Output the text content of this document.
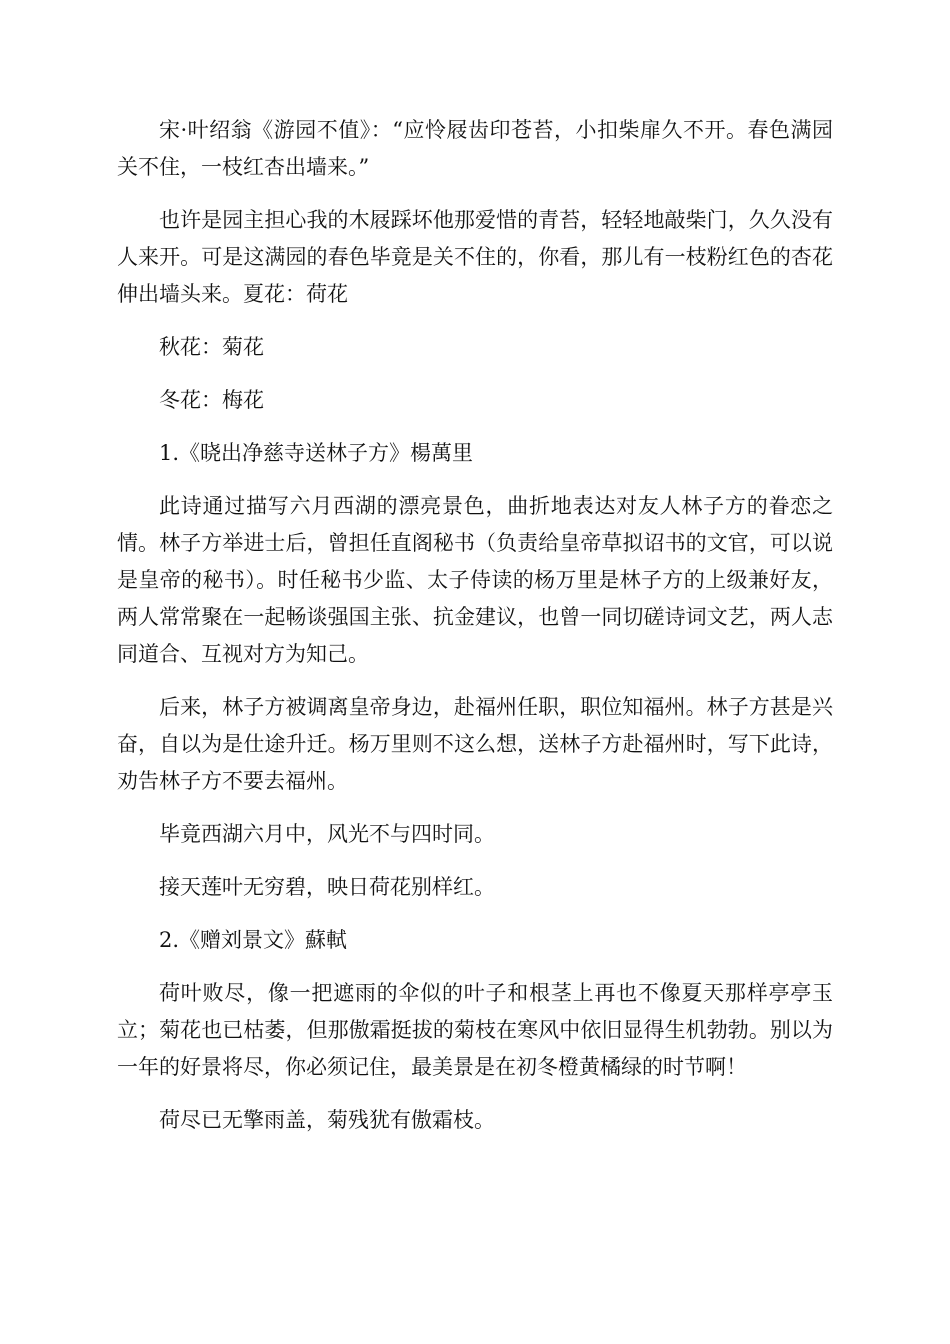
宋·叶绍翁《游园不值》：“应怜屐齿印苍苔，小扣柴扉久不开。春色满园关不住，一枝红杏出墙来。”

也许是园主担心我的木屐踩坏他那爱惜的青苔，轻轻地敲柴门，久久没有人来开。可是这满园的春色毕竟是关不住的，你看，那儿有一枝粉红色的杏花伸出墙头来。夏花：荷花

秋花：菊花

冬花：梅花

1.《晓出净慈寺送林子方》楊萬里

此诗通过描写六月西湖的漂亮景色，曲折地表达对友人林子方的眷恋之情。林子方举进士后，曾担任直阁秘书（负责给皇帝草拟诏书的文官，可以说是皇帝的秘书）。时任秘书少监、太子侍读的杨万里是林子方的上级兼好友，两人常常聚在一起畅谈强国主张、抗金建议，也曾一同切磋诗词文艺，两人志同道合、互视对方为知己。

后来，林子方被调离皇帝身边，赴福州任职，职位知福州。林子方甚是兴奋，自以为是仕途升迁。杨万里则不这么想，送林子方赴福州时，写下此诗，劝告林子方不要去福州。

毕竟西湖六月中，风光不与四时同。

接天莲叶无穷碧，映日荷花别样红。

2.《赠刘景文》蘇軾

荷叶败尽，像一把遮雨的伞似的叶子和根茎上再也不像夏天那样亭亭玉立；菊花也已枯萎，但那傲霜挺拔的菊枝在寒风中依旧显得生机勃勃。别以为一年的好景将尽，你必须记住，最美景是在初冬橙黄橘绿的时节啊！

荷尽已无擎雨盖，菊残犹有傲霜枝。
